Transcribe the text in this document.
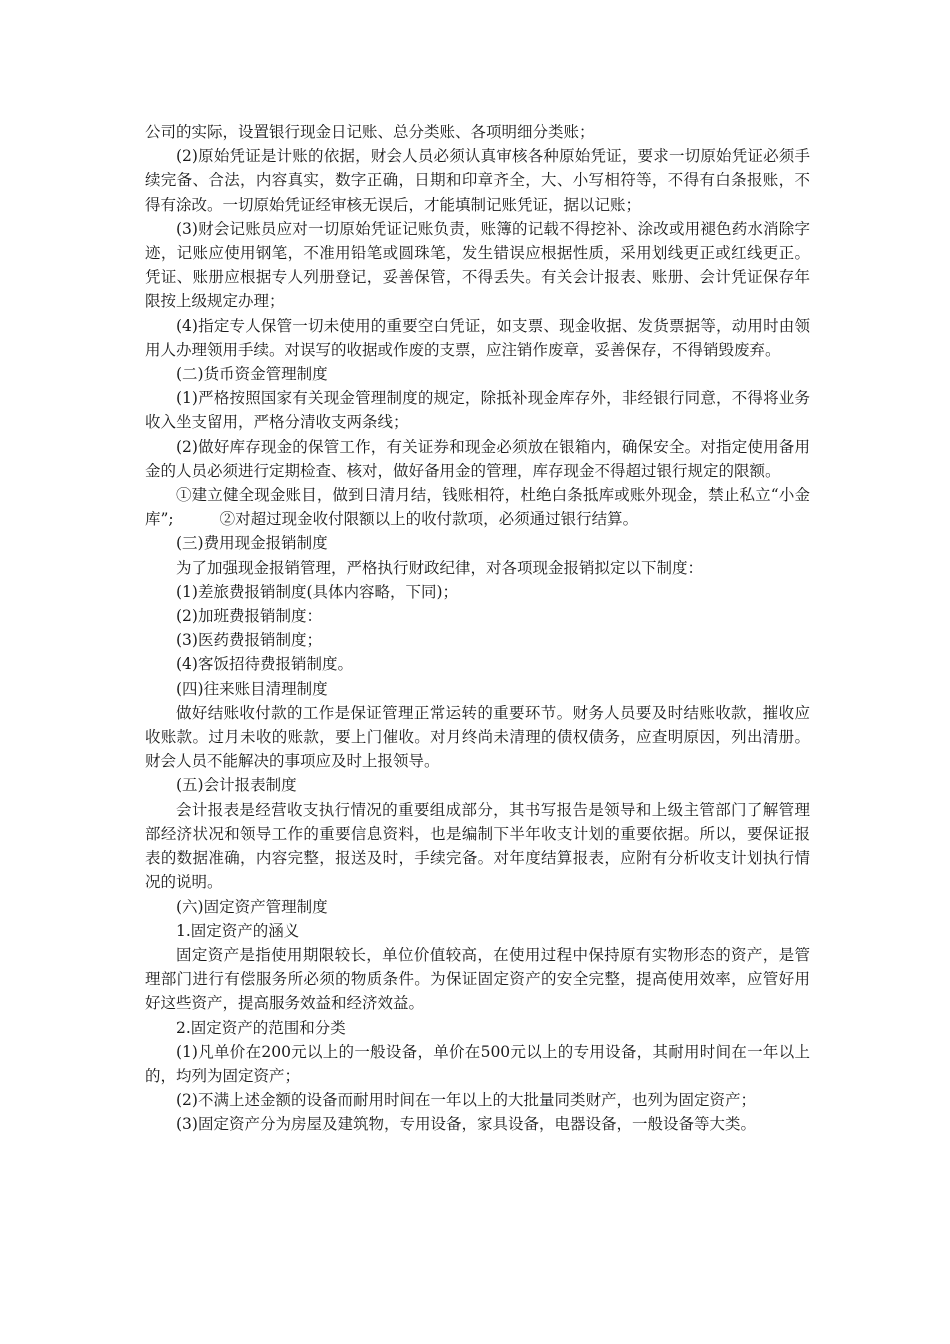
公司的实际，设置银行现金日记账、总分类账、各项明细分类账；

(2)原始凭证是计账的依据，财会人员必须认真审核各种原始凭证，要求一切原始凭证必须手续完备、合法，内容真实，数字正确，日期和印章齐全，大、小写相符等，不得有白条报账，不得有涂改。一切原始凭证经审核无误后，才能填制记账凭证，据以记账；

(3)财会记账员应对一切原始凭证记账负责，账簿的记载不得挖补、涂改或用褪色药水消除字迹，记账应使用钢笔，不准用铅笔或圆珠笔，发生错误应根据性质，采用划线更正或红线更正。凭证、账册应根据专人列册登记，妥善保管，不得丢失。有关会计报表、账册、会计凭证保存年限按上级规定办理；

(4)指定专人保管一切未使用的重要空白凭证，如支票、现金收据、发货票据等，动用时由领用人办理领用手续。对误写的收据或作废的支票，应注销作废章，妥善保存，不得销毁废弃。

(二)货币资金管理制度

(1)严格按照国家有关现金管理制度的规定，除抵补现金库存外，非经银行同意，不得将业务收入坐支留用，严格分清收支两条线；

(2)做好库存现金的保管工作，有关证券和现金必须放在银箱内，确保安全。对指定使用备用金的人员必须进行定期检查、核对，做好备用金的管理，库存现金不得超过银行规定的限额。

①建立健全现金账目，做到日清月结，钱账相符，杜绝白条抵库或账外现金，禁止私立“小金库”;	②对超过现金收付限额以上的收付款项，必须通过银行结算。

(三)费用现金报销制度

为了加强现金报销管理，严格执行财政纪律，对各项现金报销拟定以下制度：

(1)差旅费报销制度(具体内容略，下同)；

(2)加班费报销制度：

(3)医药费报销制度；

(4)客饭招待费报销制度。

(四)往来账目清理制度

做好结账收付款的工作是保证管理正常运转的重要环节。财务人员要及时结账收款，摧收应收账款。过月未收的账款，要上门催收。对月终尚未清理的债权债务，应查明原因，列出清册。财会人员不能解决的事项应及时上报领导。

(五)会计报表制度

会计报表是经营收支执行情况的重要组成部分，其书写报告是领导和上级主管部门了解管理部经济状况和领导工作的重要信息资料，也是编制下半年收支计划的重要依据。所以，要保证报表的数据准确，内容完整，报送及时，手续完备。对年度结算报表，应附有分析收支计划执行情况的说明。

(六)固定资产管理制度

1.固定资产的涵义

固定资产是指使用期限较长，单位价值较高，在使用过程中保持原有实物形态的资产，是管理部门进行有偿服务所必须的物质条件。为保证固定资产的安全完整，提高使用效率，应管好用好这些资产，提高服务效益和经济效益。

2.固定资产的范围和分类

(1)凡单价在200元以上的一般设备，单价在500元以上的专用设备，其耐用时间在一年以上的，均列为固定资产；

(2)不满上述金额的设备而耐用时间在一年以上的大批量同类财产，也列为固定资产；

(3)固定资产分为房屋及建筑物，专用设备，家具设备，电器设备，一般设备等大类。
